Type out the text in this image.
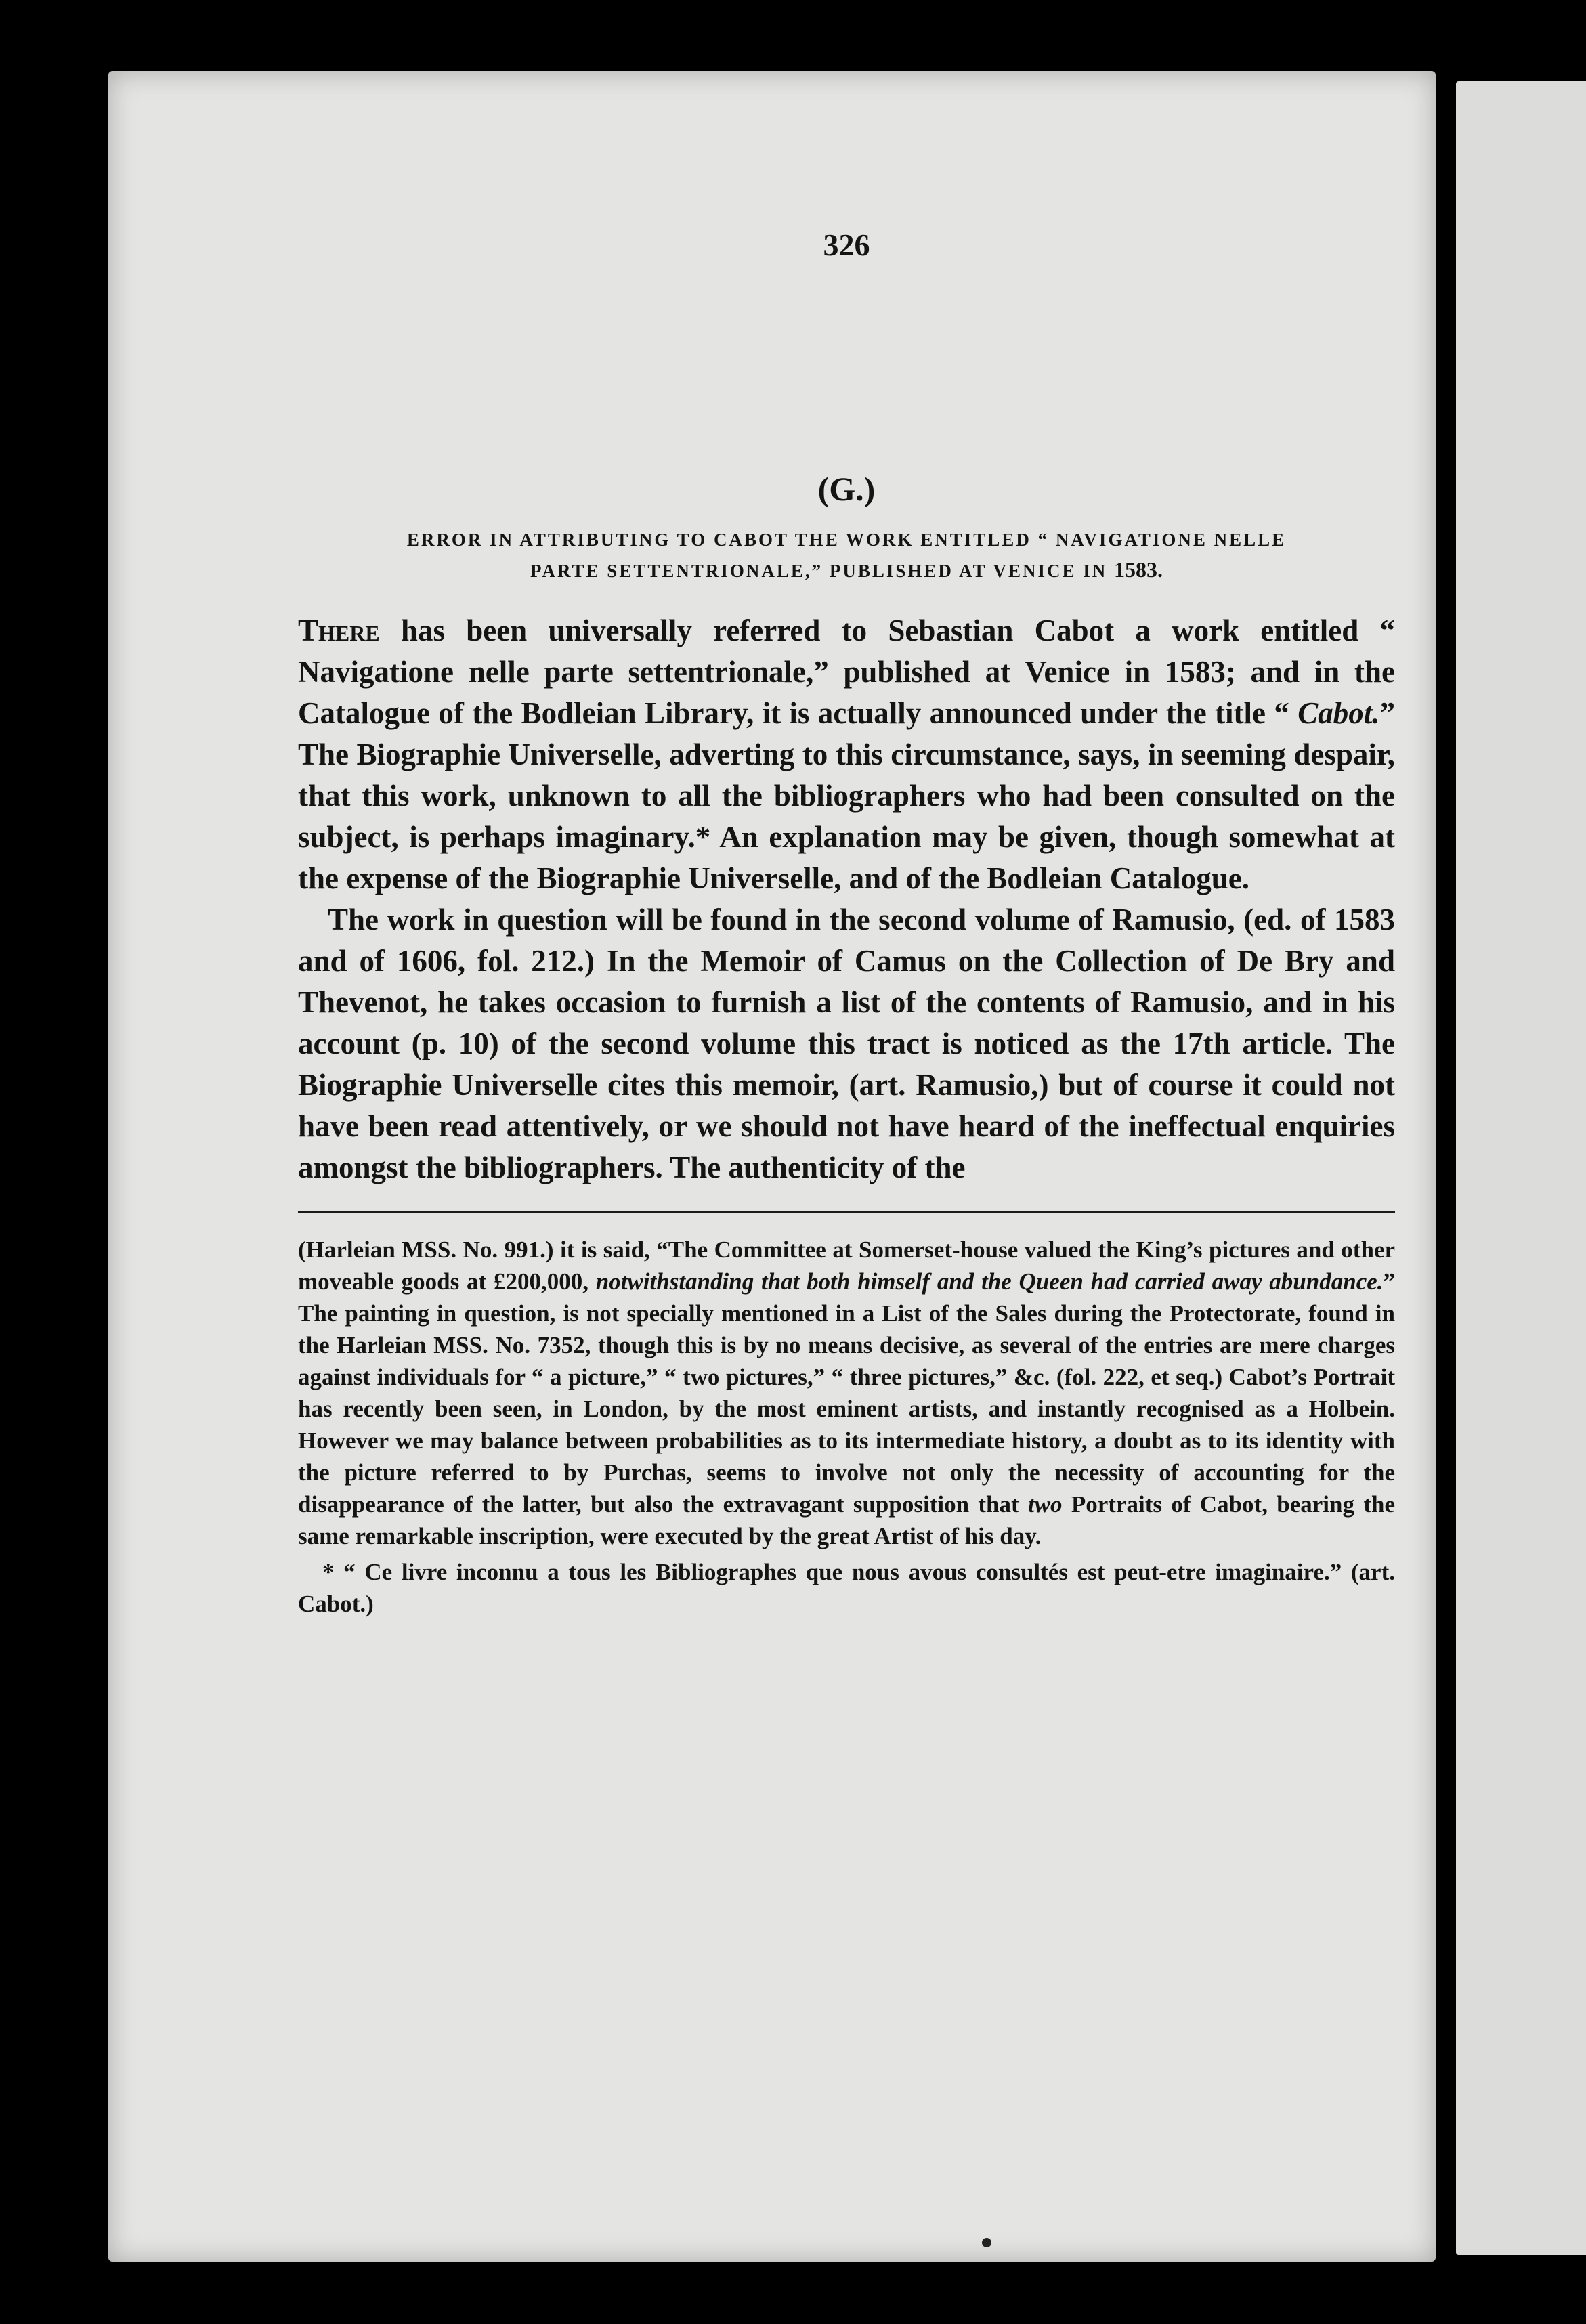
326
(G.)
ERROR IN ATTRIBUTING TO CABOT THE WORK ENTITLED “ NAVIGATIONE NELLE
PARTE SETTENTRIONALE,” PUBLISHED AT VENICE IN 1583.

There has been universally referred to Sebastian Cabot a work entitled “ Navigatione nelle parte settentrionale,” published at Venice in 1583; and in the Catalogue of the Bodleian Library, it is actually announced under the title “ Cabot.” The Biographie Universelle, adverting to this circumstance, says, in seeming despair, that this work, unknown to all the bibliographers who had been consulted on the subject, is perhaps imaginary.* An explanation may be given, though somewhat at the expense of the Biographie Universelle, and of the Bodleian Catalogue.

The work in question will be found in the second volume of Ramusio, (ed. of 1583 and of 1606, fol. 212.) In the Memoir of Camus on the Collection of De Bry and Thevenot, he takes occasion to furnish a list of the contents of Ramusio, and in his account (p. 10) of the second volume this tract is noticed as the 17th article. The Biographie Universelle cites this memoir, (art. Ramusio,) but of course it could not have been read attentively, or we should not have heard of the ineffectual enquiries amongst the bibliographers. The authenticity of the

(Harleian MSS. No. 991.) it is said, “The Committee at Somerset-house valued the King’s pictures and other moveable goods at £200,000, notwithstanding that both himself and the Queen had carried away abundance.” The painting in question, is not specially mentioned in a List of the Sales during the Protectorate, found in the Harleian MSS. No. 7352, though this is by no means decisive, as several of the entries are mere charges against individuals for “ a picture,” “ two pictures,” “ three pictures,” &c. (fol. 222, et seq.) Cabot’s Portrait has recently been seen, in London, by the most eminent artists, and instantly recognised as a Holbein. However we may balance between probabilities as to its intermediate history, a doubt as to its identity with the picture referred to by Purchas, seems to involve not only the necessity of accounting for the disappearance of the latter, but also the extravagant supposition that two Portraits of Cabot, bearing the same remarkable inscription, were executed by the great Artist of his day.

* “ Ce livre inconnu a tous les Bibliographes que nous avous consultés est peut-etre imaginaire.” (art. Cabot.)
